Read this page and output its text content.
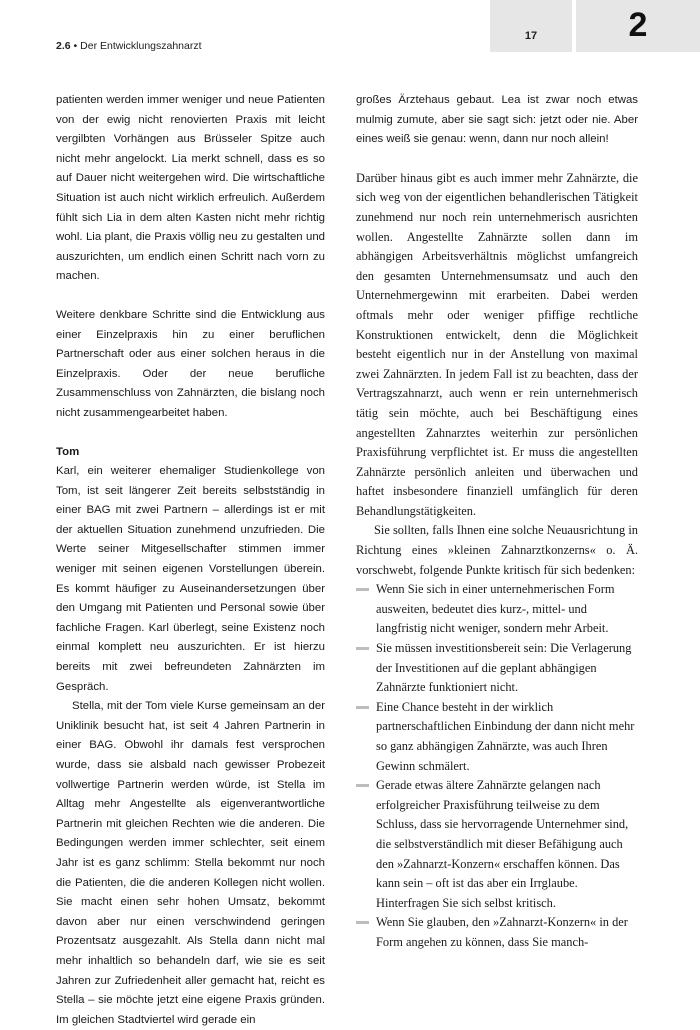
17	2
2.6 • Der Entwicklungszahnarzt

patienten werden immer weniger und neue Patienten von der ewig nicht renovierten Praxis mit leicht vergilbten Vorhängen aus Brüsseler Spitze auch nicht mehr angelockt. Lia merkt schnell, dass es so auf Dauer nicht weitergehen wird. Die wirtschaftliche Situation ist auch nicht wirklich erfreulich. Außerdem fühlt sich Lia in dem alten Kasten nicht mehr richtig wohl. Lia plant, die Praxis völlig neu zu gestalten und auszurichten, um endlich einen Schritt nach vorn zu machen.

Weitere denkbare Schritte sind die Entwicklung aus einer Einzelpraxis hin zu einer beruflichen Partnerschaft oder aus einer solchen heraus in die Einzelpraxis. Oder der neue berufliche Zusammenschluss von Zahnärzten, die bislang noch nicht zusammengearbeitet haben.

Tom

Karl, ein weiterer ehemaliger Studienkollege von Tom, ist seit längerer Zeit bereits selbstständig in einer BAG mit zwei Partnern – allerdings ist er mit der aktuellen Situation zunehmend unzufrieden. Die Werte seiner Mitgesellschafter stimmen immer weniger mit seinen eigenen Vorstellungen überein. Es kommt häufiger zu Auseinandersetzungen über den Umgang mit Patienten und Personal sowie über fachliche Fragen. Karl überlegt, seine Existenz noch einmal komplett neu auszurichten. Er ist hierzu bereits mit zwei befreundeten Zahnärzten im Gespräch.

Stella, mit der Tom viele Kurse gemeinsam an der Uniklinik besucht hat, ist seit 4 Jahren Partnerin in einer BAG. Obwohl ihr damals fest versprochen wurde, dass sie alsbald nach gewisser Probezeit vollwertige Partnerin werden würde, ist Stella im Alltag mehr Angestellte als eigenverantwortliche Partnerin mit gleichen Rechten wie die anderen. Die Bedingungen werden immer schlechter, seit einem Jahr ist es ganz schlimm: Stella bekommt nur noch die Patienten, die die anderen Kollegen nicht wollen. Sie macht einen sehr hohen Umsatz, bekommt davon aber nur einen verschwindend geringen Prozentsatz ausgezahlt. Als Stella dann nicht mal mehr inhaltlich so behandeln darf, wie sie es seit Jahren zur Zufriedenheit aller gemacht hat, reicht es Stella – sie möchte jetzt eine eigene Praxis gründen. Im gleichen Stadtviertel wird gerade ein

großes Ärztehaus gebaut. Lea ist zwar noch etwas mulmig zumute, aber sie sagt sich: jetzt oder nie. Aber eines weiß sie genau: wenn, dann nur noch allein!

Darüber hinaus gibt es auch immer mehr Zahnärzte, die sich weg von der eigentlichen behandlerischen Tätigkeit zunehmend nur noch rein unternehmerisch ausrichten wollen. Angestellte Zahnärzte sollen dann im abhängigen Arbeitsverhältnis möglichst umfangreich den gesamten Unternehmensumsatz und auch den Unternehmergewinn mit erarbeiten. Dabei werden oftmals mehr oder weniger pfiffige rechtliche Konstruktionen entwickelt, denn die Möglichkeit besteht eigentlich nur in der Anstellung von maximal zwei Zahnärzten. In jedem Fall ist zu beachten, dass der Vertragszahnarzt, auch wenn er rein unternehmerisch tätig sein möchte, auch bei Beschäftigung eines angestellten Zahnarztes weiterhin zur persönlichen Praxisführung verpflichtet ist. Er muss die angestellten Zahnärzte persönlich anleiten und überwachen und haftet insbesondere finanziell umfänglich für deren Behandlungstätigkeiten.

Sie sollten, falls Ihnen eine solche Neuausrichtung in Richtung eines »kleinen Zahnarztkonzerns« o. Ä. vorschwebt, folgende Punkte kritisch für sich bedenken:

Wenn Sie sich in einer unternehmerischen Form ausweiten, bedeutet dies kurz-, mittel- und langfristig nicht weniger, sondern mehr Arbeit.
Sie müssen investitionsbereit sein: Die Verlagerung der Investitionen auf die geplant abhängigen Zahnärzte funktioniert nicht.
Eine Chance besteht in der wirklich partnerschaftlichen Einbindung der dann nicht mehr so ganz abhängigen Zahnärzte, was auch Ihren Gewinn schmälert.
Gerade etwas ältere Zahnärzte gelangen nach erfolgreicher Praxisführung teilweise zu dem Schluss, dass sie hervorragende Unternehmer sind, die selbstverständlich mit dieser Befähigung auch den »Zahnarzt-Konzern« erschaffen können. Das kann sein – oft ist das aber ein Irrglaube. Hinterfragen Sie sich selbst kritisch.
Wenn Sie glauben, den »Zahnarzt-Konzern« in der Form angehen zu können, dass Sie manch-
